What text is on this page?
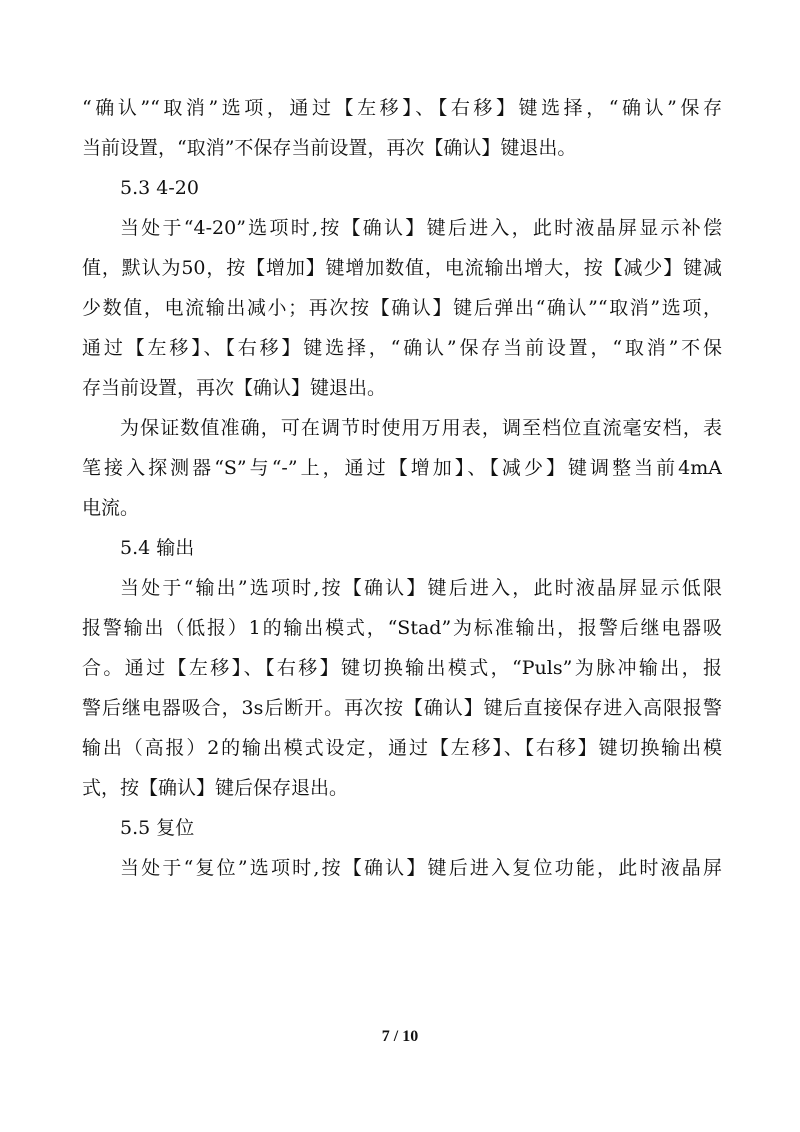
“确认”“取消”选项，通过【左移】、【右移】键选择，“确认”保存
当前设置，“取消”不保存当前设置，再次【确认】键退出。
5.3 4-20
当处于“4-20”选项时,按【确认】键后进入，此时液晶屏显示补偿
值，默认为50，按【增加】键增加数值，电流输出增大，按【减少】键减
少数值，电流输出减小；再次按【确认】键后弹出“确认”“取消”选项，
通过【左移】、【右移】键选择，“确认”保存当前设置，“取消”不保
存当前设置，再次【确认】键退出。
为保证数值准确，可在调节时使用万用表，调至档位直流毫安档，表
笔接入探测器“S”与“-”上，通过【增加】、【减少】键调整当前4mA
电流。
5.4 输出
当处于“输出”选项时,按【确认】键后进入，此时液晶屏显示低限
报警输出（低报）1的输出模式，“Stad”为标准输出，报警后继电器吸
合。通过【左移】、【右移】键切换输出模式，“Puls”为脉冲输出，报
警后继电器吸合，3s后断开。再次按【确认】键后直接保存进入高限报警
输出（高报）2的输出模式设定，通过【左移】、【右移】键切换输出模
式，按【确认】键后保存退出。
5.5 复位
当处于“复位”选项时,按【确认】键后进入复位功能，此时液晶屏
7 / 10
